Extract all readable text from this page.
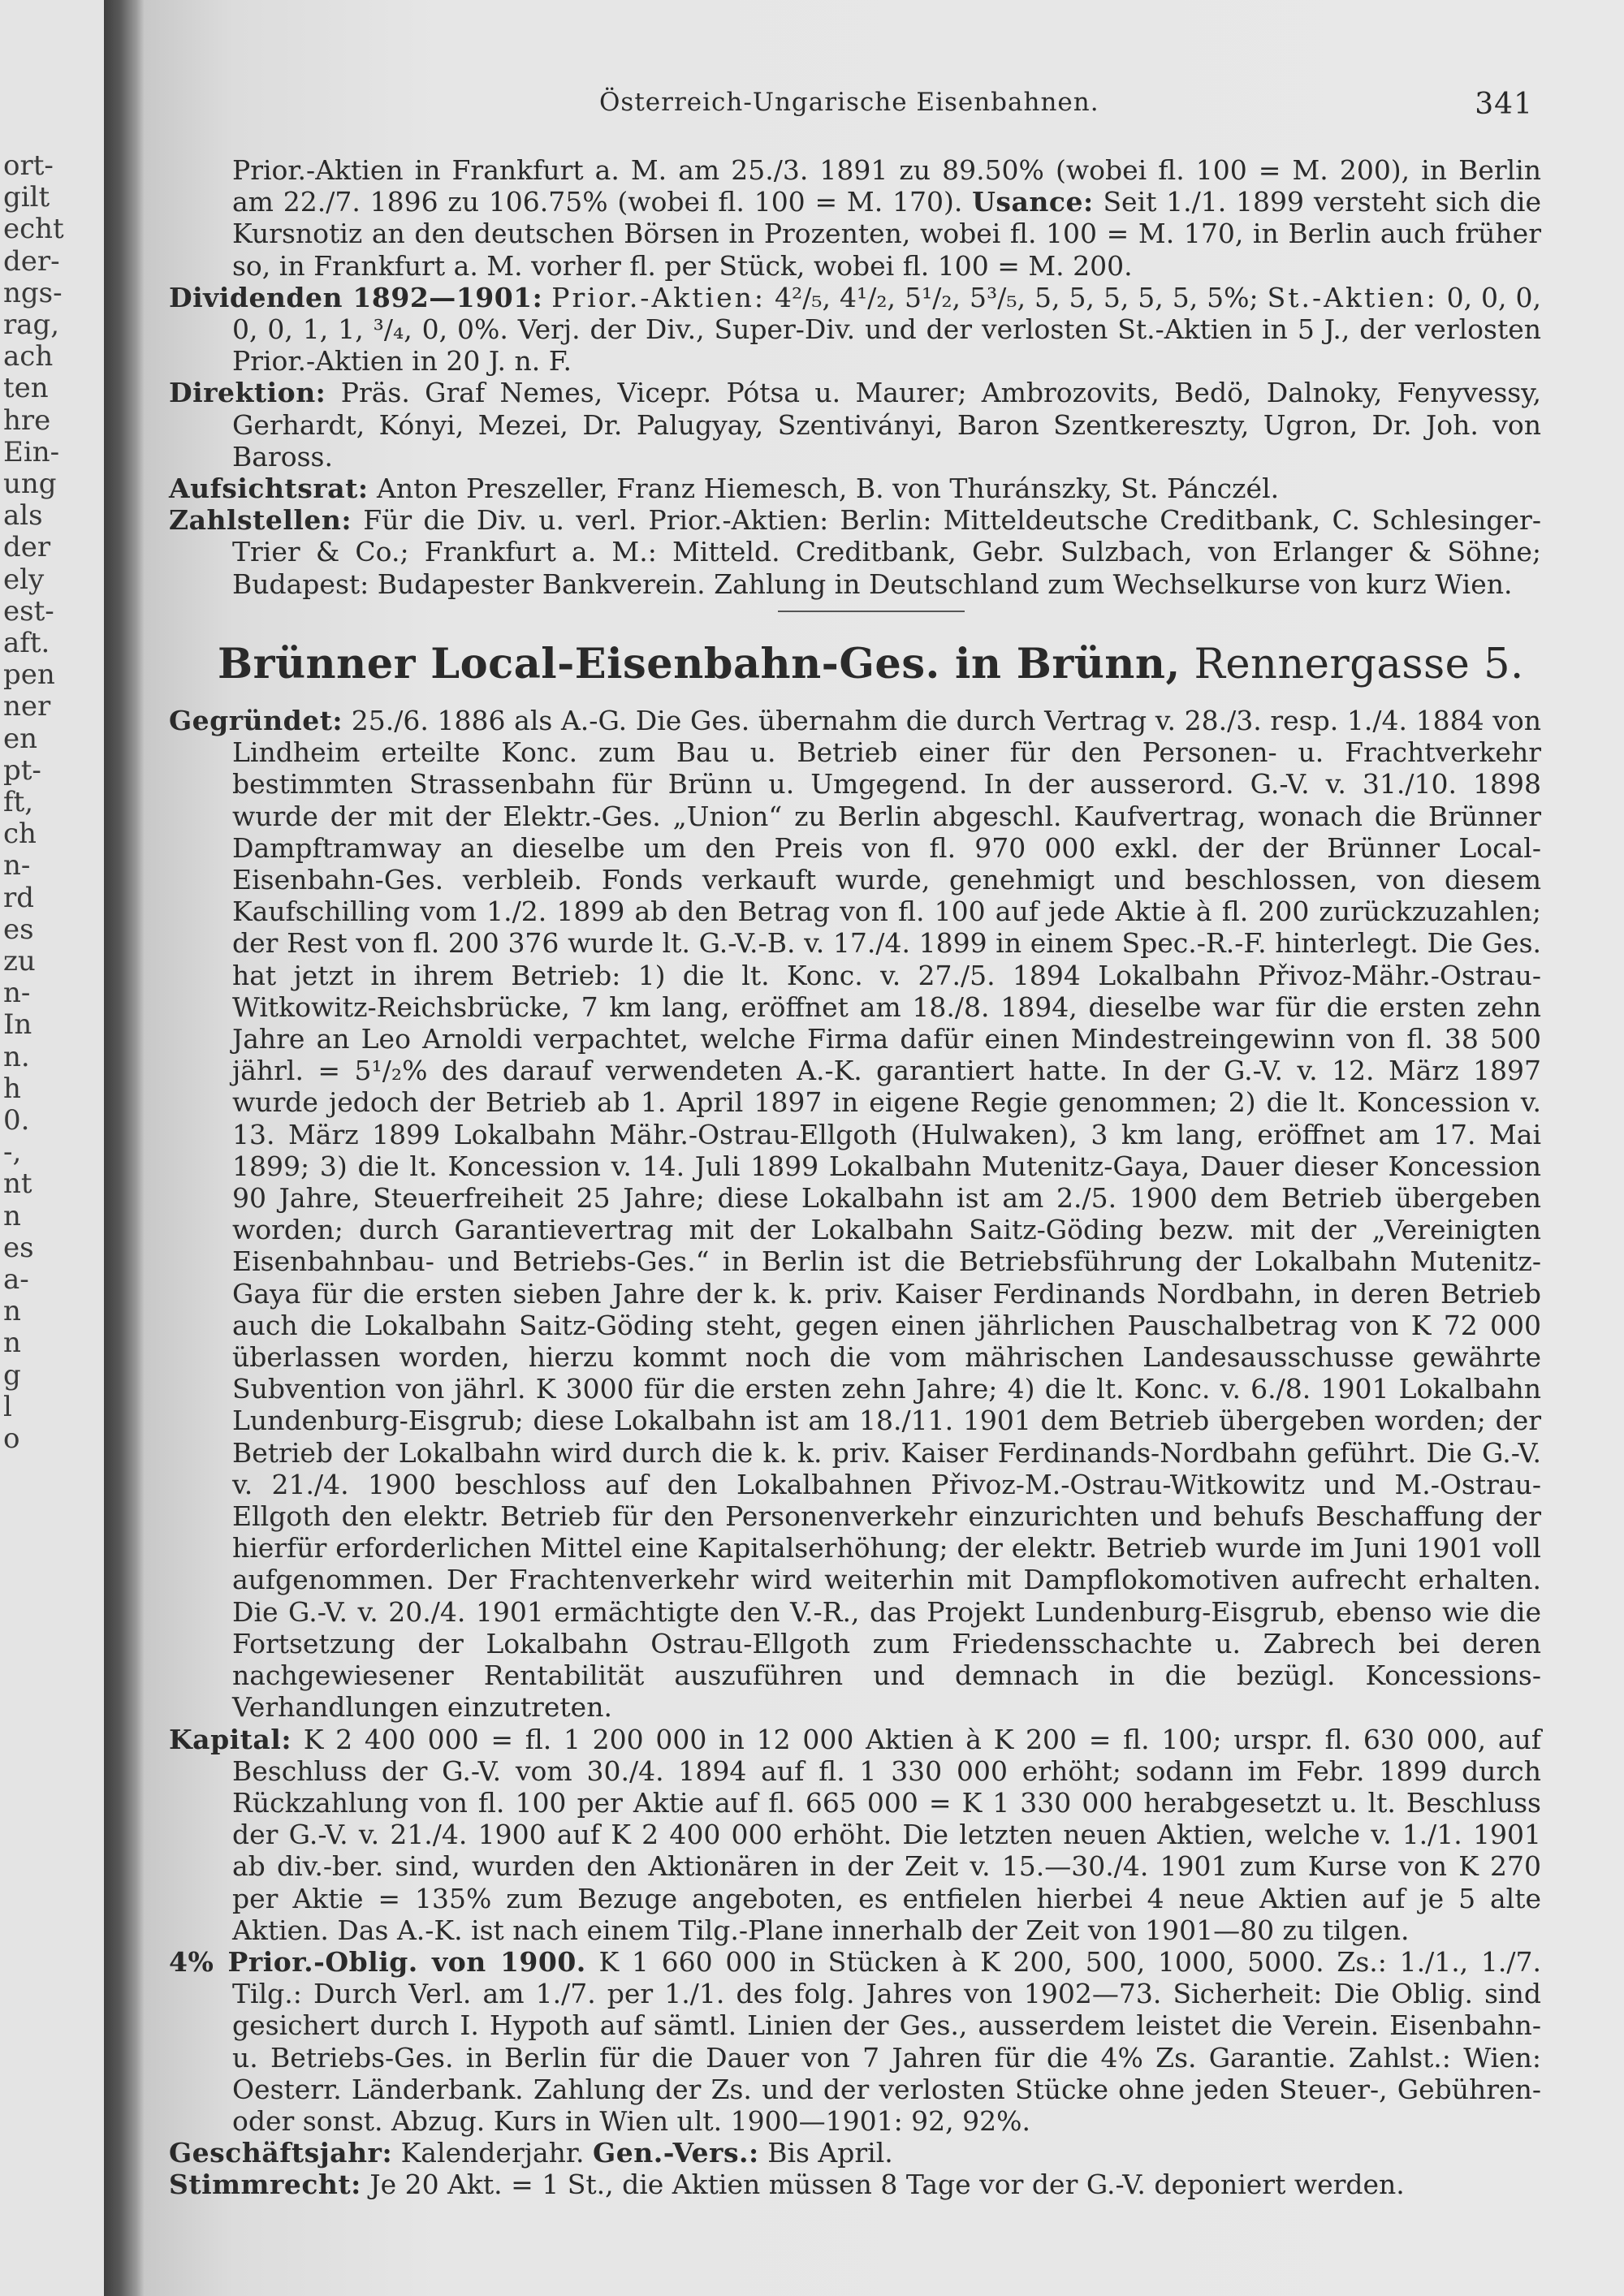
ort-
gilt
echt
der-
ngs-
rag,
ach
ten
hre
Ein-
ung
als
der
ely
est-
aft.
pen
ner
en
pt-
ft,
ch
n-
rd
es
zu
n-
In
n.
h
0.
-,
nt
n
es
a-
n
n
g
l
o
Österreich-Ungarische Eisenbahnen.	341

Prior.-Aktien in Frankfurt a. M. am 25./3. 1891 zu 89.50% (wobei fl. 100 = M. 200), in Berlin am 22./7. 1896 zu 106.75% (wobei fl. 100 = M. 170). Usance: Seit 1./1. 1899 versteht sich die Kursnotiz an den deutschen Börsen in Prozenten, wobei fl. 100 = M. 170, in Berlin auch früher so, in Frankfurt a. M. vorher fl. per Stück, wobei fl. 100 = M. 200.

Dividenden 1892—1901: Prior.-Aktien: 4²/₅, 4¹/₂, 5¹/₂, 5³/₅, 5, 5, 5, 5, 5, 5%; St.-Aktien: 0, 0, 0, 0, 0, 1, 1, ³/₄, 0, 0%. Verj. der Div., Super-Div. und der verlosten St.-Aktien in 5 J., der verlosten Prior.-Aktien in 20 J. n. F.

Direktion: Präs. Graf Nemes, Vicepr. Pótsa u. Maurer; Ambrozovits, Bedö, Dalnoky, Fenyvessy, Gerhardt, Kónyi, Mezei, Dr. Palugyay, Szentiványi, Baron Szentkereszty, Ugron, Dr. Joh. von Baross.

Aufsichtsrat: Anton Preszeller, Franz Hiemesch, B. von Thuránszky, St. Pánczél.

Zahlstellen: Für die Div. u. verl. Prior.-Aktien: Berlin: Mitteldeutsche Creditbank, C. Schlesinger-Trier & Co.; Frankfurt a. M.: Mitteld. Creditbank, Gebr. Sulzbach, von Erlanger & Söhne; Budapest: Budapester Bankverein. Zahlung in Deutschland zum Wechselkurse von kurz Wien.

Brünner Local-Eisenbahn-Ges. in Brünn, Rennergasse 5.

Gegründet: 25./6. 1886 als A.-G. Die Ges. übernahm die durch Vertrag v. 28./3. resp. 1./4. 1884 von Lindheim erteilte Konc. zum Bau u. Betrieb einer für den Personen- u. Frachtverkehr bestimmten Strassenbahn für Brünn u. Umgegend. In der ausserord. G.-V. v. 31./10. 1898 wurde der mit der Elektr.-Ges. „Union“ zu Berlin abgeschl. Kaufvertrag, wonach die Brünner Dampftramway an dieselbe um den Preis von fl. 970 000 exkl. der der Brünner Local-Eisenbahn-Ges. verbleib. Fonds verkauft wurde, genehmigt und beschlossen, von diesem Kaufschilling vom 1./2. 1899 ab den Betrag von fl. 100 auf jede Aktie à fl. 200 zurückzuzahlen; der Rest von fl. 200 376 wurde lt. G.-V.-B. v. 17./4. 1899 in einem Spec.-R.-F. hinterlegt. Die Ges. hat jetzt in ihrem Betrieb: 1) die lt. Konc. v. 27./5. 1894 Lokalbahn Přivoz-Mähr.-Ostrau-Witkowitz-Reichsbrücke, 7 km lang, eröffnet am 18./8. 1894, dieselbe war für die ersten zehn Jahre an Leo Arnoldi verpachtet, welche Firma dafür einen Mindestreingewinn von fl. 38 500 jährl. = 5¹/₂% des darauf verwendeten A.-K. garantiert hatte. In der G.-V. v. 12. März 1897 wurde jedoch der Betrieb ab 1. April 1897 in eigene Regie genommen; 2) die lt. Koncession v. 13. März 1899 Lokalbahn Mähr.-Ostrau-Ellgoth (Hulwaken), 3 km lang, eröffnet am 17. Mai 1899; 3) die lt. Koncession v. 14. Juli 1899 Lokalbahn Mutenitz-Gaya, Dauer dieser Koncession 90 Jahre, Steuerfreiheit 25 Jahre; diese Lokalbahn ist am 2./5. 1900 dem Betrieb übergeben worden; durch Garantievertrag mit der Lokalbahn Saitz-Göding bezw. mit der „Vereinigten Eisenbahnbau- und Betriebs-Ges.“ in Berlin ist die Betriebsführung der Lokalbahn Mutenitz-Gaya für die ersten sieben Jahre der k. k. priv. Kaiser Ferdinands Nordbahn, in deren Betrieb auch die Lokalbahn Saitz-Göding steht, gegen einen jährlichen Pauschalbetrag von K 72 000 überlassen worden, hierzu kommt noch die vom mährischen Landesausschusse gewährte Subvention von jährl. K 3000 für die ersten zehn Jahre; 4) die lt. Konc. v. 6./8. 1901 Lokalbahn Lundenburg-Eisgrub; diese Lokalbahn ist am 18./11. 1901 dem Betrieb übergeben worden; der Betrieb der Lokalbahn wird durch die k. k. priv. Kaiser Ferdinands-Nordbahn geführt. Die G.-V. v. 21./4. 1900 beschloss auf den Lokalbahnen Přivoz-M.-Ostrau-Witkowitz und M.-Ostrau-Ellgoth den elektr. Betrieb für den Personenverkehr einzurichten und behufs Beschaffung der hierfür erforderlichen Mittel eine Kapitalserhöhung; der elektr. Betrieb wurde im Juni 1901 voll aufgenommen. Der Frachtenverkehr wird weiterhin mit Dampflokomotiven aufrecht erhalten. Die G.-V. v. 20./4. 1901 ermächtigte den V.-R., das Projekt Lundenburg-Eisgrub, ebenso wie die Fortsetzung der Lokalbahn Ostrau-Ellgoth zum Friedensschachte u. Zabrech bei deren nachgewiesener Rentabilität auszuführen und demnach in die bezügl. Koncessions-Verhandlungen einzutreten.

Kapital: K 2 400 000 = fl. 1 200 000 in 12 000 Aktien à K 200 = fl. 100; urspr. fl. 630 000, auf Beschluss der G.-V. vom 30./4. 1894 auf fl. 1 330 000 erhöht; sodann im Febr. 1899 durch Rückzahlung von fl. 100 per Aktie auf fl. 665 000 = K 1 330 000 herabgesetzt u. lt. Beschluss der G.-V. v. 21./4. 1900 auf K 2 400 000 erhöht. Die letzten neuen Aktien, welche v. 1./1. 1901 ab div.-ber. sind, wurden den Aktionären in der Zeit v. 15.—30./4. 1901 zum Kurse von K 270 per Aktie = 135% zum Bezuge angeboten, es entfielen hierbei 4 neue Aktien auf je 5 alte Aktien. Das A.-K. ist nach einem Tilg.-Plane innerhalb der Zeit von 1901—80 zu tilgen.

4% Prior.-Oblig. von 1900. K 1 660 000 in Stücken à K 200, 500, 1000, 5000. Zs.: 1./1., 1./7. Tilg.: Durch Verl. am 1./7. per 1./1. des folg. Jahres von 1902—73. Sicherheit: Die Oblig. sind gesichert durch I. Hypoth auf sämtl. Linien der Ges., ausserdem leistet die Verein. Eisenbahn- u. Betriebs-Ges. in Berlin für die Dauer von 7 Jahren für die 4% Zs. Garantie. Zahlst.: Wien: Oesterr. Länderbank. Zahlung der Zs. und der verlosten Stücke ohne jeden Steuer-, Gebühren- oder sonst. Abzug. Kurs in Wien ult. 1900—1901: 92, 92%.

Geschäftsjahr: Kalenderjahr. Gen.-Vers.: Bis April.

Stimmrecht: Je 20 Akt. = 1 St., die Aktien müssen 8 Tage vor der G.-V. deponiert werden.
